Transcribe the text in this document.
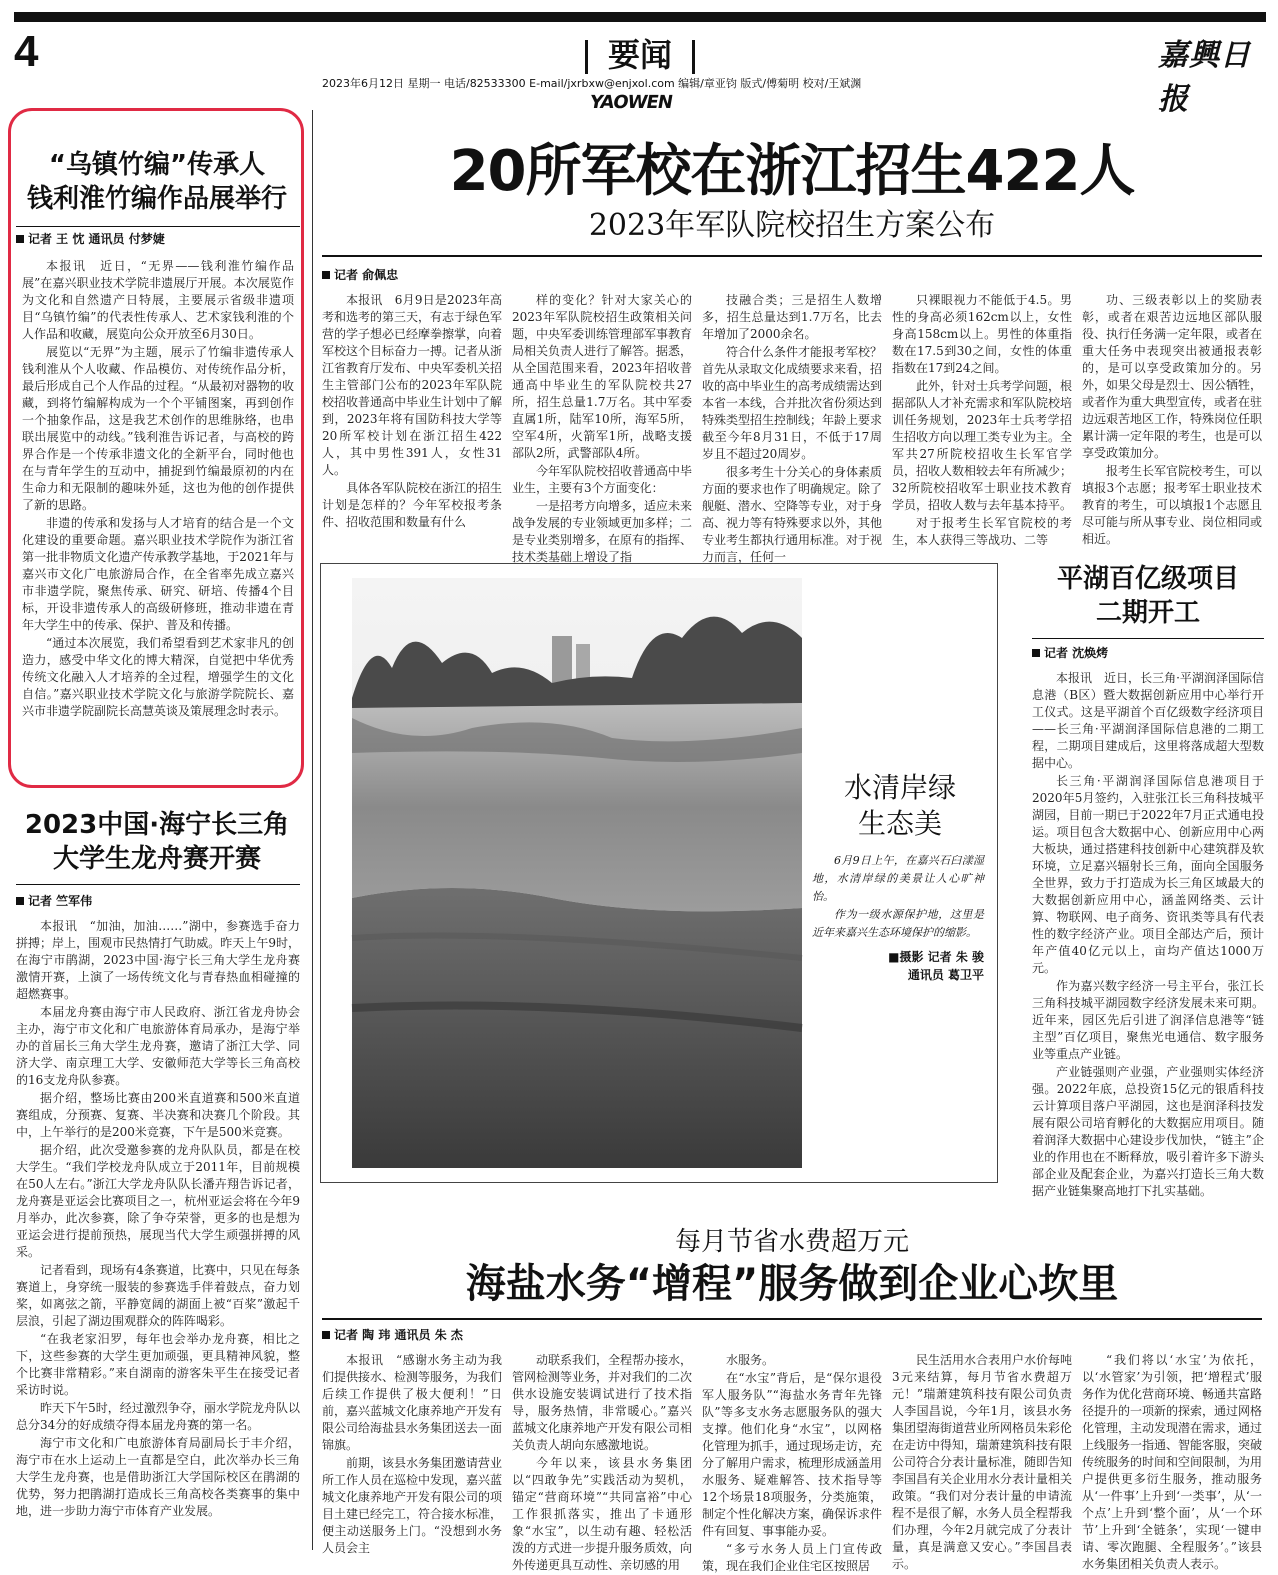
4	要闻
2023年6月12日 星期一 电话/82533300 E-mail/jxrbxw@enjxol.com 编辑/章亚钧 版式/傅菊明 校对/王斌渊
YAOWEN
嘉興日报
20所军校在浙江招生422人
2023年军队院校招生方案公布
记者 俞佩忠

本报讯　6月9日是2023年高考和选考的第三天，有志于绿色军营的学子想必已经摩拳擦掌，向着军校这个目标奋力一搏。记者从浙江省教育厅发布、中央军委机关招生主管部门公布的2023年军队院校招收普通高中毕业生计划中了解到，2023年将有国防科技大学等20所军校计划在浙江招生422人，其中男性391人，女性31人。

具体各军队院校在浙江的招生计划是怎样的？今年军校报考条件、招收范围和数量有什么

样的变化？针对大家关心的2023年军队院校招生政策相关问题，中央军委训练管理部军事教育局相关负责人进行了解答。据悉，从全国范围来看，2023年招收普通高中毕业生的军队院校共27所，招生总量1.7万名。其中军委直属1所，陆军10所，海军5所，空军4所，火箭军1所，战略支援部队2所，武警部队4所。

今年军队院校招收普通高中毕业生，主要有3个方面变化：

一是招考方向增多，适应未来战争发展的专业领域更加多样；二是专业类别增多，在原有的指挥、技术类基础上增设了指

技融合类；三是招生人数增多，招生总量达到1.7万名，比去年增加了2000余名。

符合什么条件才能报考军校？首先从录取文化成绩要求来看，招收的高中毕业生的高考成绩需达到本省一本线，合并批次省份须达到特殊类型招生控制线；年龄上要求截至今年8月31日，不低于17周岁且不超过20周岁。

很多考生十分关心的身体素质方面的要求也作了明确规定。除了舰艇、潜水、空降等专业，对于身高、视力等有特殊要求以外，其他专业考生都执行通用标准。对于视力而言，任何一

只裸眼视力不能低于4.5。男性的身高必须162cm以上，女性身高158cm以上。男性的体重指数在17.5到30之间，女性的体重指数在17到24之间。

此外，针对士兵考学问题，根据部队人才补充需求和军队院校培训任务规划，2023年士兵考学招生招收方向以理工类专业为主。全军共27所院校招收生长军官学员，招收人数相较去年有所减少；32所院校招收军士职业技术教育学员，招收人数与去年基本持平。

对于报考生长军官院校的考生，本人获得三等战功、二等

功、三级表彰以上的奖励表彰，或者在艰苦边远地区部队服役、执行任务满一定年限，或者在重大任务中表现突出被通报表彰的，是可以享受政策加分的。另外，如果父母是烈士、因公牺牲，或者作为重大典型宣传，或者在驻边远艰苦地区工作，特殊岗位任职累计满一定年限的考生，也是可以享受政策加分。

报考生长军官院校考生，可以填报3个志愿；报考军士职业技术教育的考生，可以填报1个志愿且尽可能与所从事专业、岗位相同或相近。

“乌镇竹编”传承人
钱利淮竹编作品展举行
记者 王 忱 通讯员 付梦婕

本报讯　近日，“无界——钱利淮竹编作品展”在嘉兴职业技术学院非遗展厅开展。本次展览作为文化和自然遗产日特展，主要展示省级非遗项目“乌镇竹编”的代表性传承人、艺术家钱利淮的个人作品和收藏，展览向公众开放至6月30日。

展览以“无界”为主题，展示了竹编非遗传承人钱利淮从个人收藏、作品模仿、对传统作品分析，最后形成自己个人作品的过程。“从最初对器物的收藏，到将竹编解构成为一个个平铺图案，再到创作一个抽象作品，这是我艺术创作的思维脉络，也串联出展览中的动线。”钱利淮告诉记者，与高校的跨界合作是一个传承非遗文化的全新平台，同时他也在与青年学生的互动中，捕捉到竹编最原初的内在生命力和无限制的趣味外延，这也为他的创作提供了新的思路。

非遗的传承和发扬与人才培育的结合是一个文化建设的重要命题。嘉兴职业技术学院作为浙江省第一批非物质文化遗产传承教学基地，于2021年与嘉兴市文化广电旅游局合作，在全省率先成立嘉兴市非遗学院，聚焦传承、研究、研培、传播4个目标，开设非遗传承人的高级研修班，推动非遗在青年大学生中的传承、保护、普及和传播。

“通过本次展览，我们希望看到艺术家非凡的创造力，感受中华文化的博大精深，自觉把中华优秀传统文化融入人才培养的全过程，增强学生的文化自信。”嘉兴职业技术学院文化与旅游学院院长、嘉兴市非遗学院副院长高慧英谈及策展理念时表示。

2023中国·海宁长三角
大学生龙舟赛开赛
记者 竺军伟

本报讯　“加油，加油……”湖中，参赛选手奋力拼搏；岸上，围观市民热情打气助威。昨天上午9时，在海宁市鹃湖，2023中国·海宁长三角大学生龙舟赛激情开赛，上演了一场传统文化与青春热血相碰撞的超燃赛事。

本届龙舟赛由海宁市人民政府、浙江省龙舟协会主办，海宁市文化和广电旅游体育局承办，是海宁举办的首届长三角大学生龙舟赛，邀请了浙江大学、同济大学、南京理工大学、安徽师范大学等长三角高校的16支龙舟队参赛。

据介绍，整场比赛由200米直道赛和500米直道赛组成，分预赛、复赛、半决赛和决赛几个阶段。其中，上午举行的是200米竞赛，下午是500米竞赛。

据介绍，此次受邀参赛的龙舟队队员，都是在校大学生。“我们学校龙舟队成立于2011年，目前规模在50人左右。”浙江大学龙舟队队长潘卉翔告诉记者，龙舟赛是亚运会比赛项目之一，杭州亚运会将在今年9月举办，此次参赛，除了争夺荣誉，更多的也是想为亚运会进行提前预热，展现当代大学生顽强拼搏的风采。

记者看到，现场有4条赛道，比赛中，只见在每条赛道上，身穿统一服装的参赛选手伴着鼓点，奋力划桨，如离弦之箭，平静宽阔的湖面上被“百桨”激起千层浪，引起了湖边围观群众的阵阵喝彩。

“在我老家汨罗，每年也会举办龙舟赛，相比之下，这些参赛的大学生更加顽强，更具精神风貌，整个比赛非常精彩。”来自湖南的游客朱平生在接受记者采访时说。

昨天下午5时，经过激烈争夺，丽水学院龙舟队以总分34分的好成绩夺得本届龙舟赛的第一名。

海宁市文化和广电旅游体育局副局长于丰介绍，海宁市在水上运动上一直都是空白，此次举办长三角大学生龙舟赛，也是借助浙江大学国际校区在鹃湖的优势，努力把鹃湖打造成长三角高校各类赛事的集中地，进一步助力海宁市体育产业发展。

水清岸绿
生态美

6月9日上午，在嘉兴石臼漾湿地，水清岸绿的美景让人心旷神怡。

作为一级水源保护地，这里是近年来嘉兴生态环境保护的缩影。

■摄影 记者 朱 骏
通讯员 葛卫平
平湖百亿级项目
二期开工
记者 沈焕烤

本报讯　近日，长三角·平湖润泽国际信息港（B区）暨大数据创新应用中心举行开工仪式。这是平湖首个百亿级数字经济项目——长三角·平湖润泽国际信息港的二期工程，二期项目建成后，这里将落成超大型数据中心。

长三角·平湖润泽国际信息港项目于2020年5月签约，入驻张江长三角科技城平湖园，目前一期已于2022年7月正式通电投运。项目包含大数据中心、创新应用中心两大板块，通过搭建科技创新中心建筑群及软环境，立足嘉兴辐射长三角，面向全国服务全世界，致力于打造成为长三角区域最大的大数据创新应用中心，涵盖网络类、云计算、物联网、电子商务、资讯类等具有代表性的数字经济产业。项目全部达产后，预计年产值40亿元以上，亩均产值达1000万元。

作为嘉兴数字经济一号主平台，张江长三角科技城平湖园数字经济发展未来可期。近年来，园区先后引进了润泽信息港等“链主型”百亿项目，聚焦光电通信、数字服务业等重点产业链。

产业链强则产业强，产业强则实体经济强。2022年底，总投资15亿元的银盾科技云计算项目落户平湖园，这也是润泽科技发展有限公司培育孵化的大数据应用项目。随着润泽大数据中心建设步伐加快，“链主”企业的作用也在不断释放，吸引着许多下游头部企业及配套企业，为嘉兴打造长三角大数据产业链集聚高地打下扎实基础。

每月节省水费超万元
海盐水务“增程”服务做到企业心坎里
记者 陶 玮 通讯员 朱 杰

本报讯　“感谢水务主动为我们提供接水、检测等服务，为我们后续工作提供了极大便利！”日前，嘉兴蓝城文化康养地产开发有限公司给海盐县水务集团送去一面锦旗。

前期，该县水务集团邀请营业所工作人员在巡检中发现，嘉兴蓝城文化康养地产开发有限公司的项目土建已经完工，符合接水标准，便主动送服务上门。“没想到水务人员会主

动联系我们，全程帮办接水，管网检测等业务，并对我们的二次供水设施安装调试进行了技术指导，服务热情，非常暖心。”嘉兴蓝城文化康养地产开发有限公司相关负责人胡向东感激地说。

今年以来，该县水务集团以“四敢争先”实践活动为契机，锚定“营商环境”“共同富裕”中心工作狠抓落实，推出了卡通形象“水宝”，以生动有趣、轻松活泼的方式进一步提升服务质效，向外传递更具互动性、亲切感的用

水服务。

在“水宝”背后，是“保尔退役军人服务队”“海盐水务青年先锋队”等多支水务志愿服务队的强大支撑。他们化身“水宝”，以网格化管理为抓手，通过现场走访，充分了解用户需求，梳理形成涵盖用水服务、疑难解答、技术指导等12个场景18项服务，分类施策，制定个性化解决方案，确保诉求件件有回复、事事能办妥。

“多亏水务人员上门宣传政策，现在我们企业住宅区按照居

民生活用水合表用户水价每吨3元来结算，每月节省水费超万元！”瑞萧建筑科技有限公司负责人李国昌说，今年1月，该县水务集团望海街道营业所网格员朱彩伦在走访中得知，瑞萧建筑科技有限公司符合分表计量标准，随即告知李国昌有关企业用水分表计量相关政策。“我们对分表计量的申请流程不是很了解，水务人员全程帮我们办理，今年2月就完成了分表计量，真是满意又安心。”李国昌表示。

“我们将以‘水宝’为依托，以‘水管家’为引领，把‘增程式’服务作为优化营商环境、畅通共富路径提升的一项新的探索，通过网格化管理，主动发现潜在需求，通过上线服务一指通、智能客服，突破传统服务的时间和空间限制，为用户提供更多衍生服务，推动服务从‘一件事’上升到‘一类事’，从‘一个点’上升到‘整个面’，从‘一个环节’上升到‘全链条’，实现‘一键申请、零次跑腿、全程服务’。”该县水务集团相关负责人表示。
